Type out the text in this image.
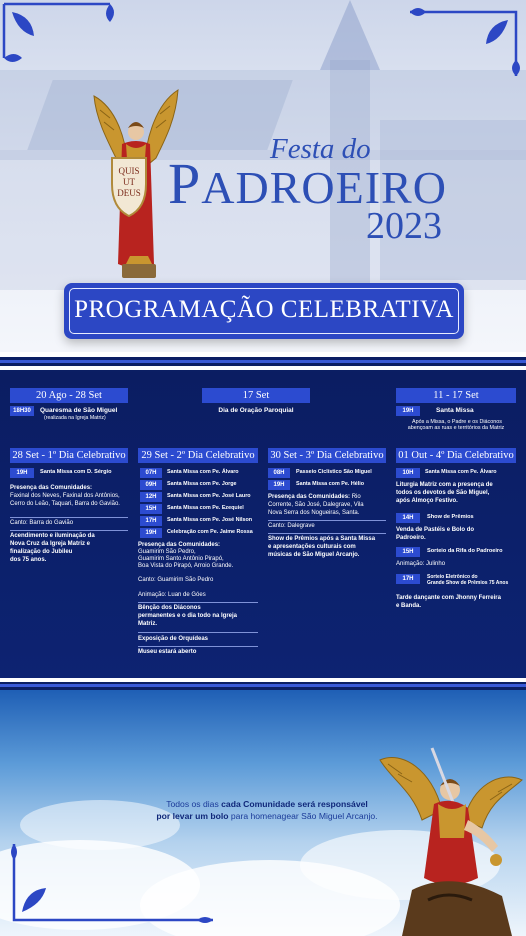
QUIS
UT
DEUS
Festa do
PADROEIRO
2023
PROGRAMAÇÃO CELEBRATIVA
20 Ago - 28 Set
18H30	Quaresma de São Miguel
(realizada na Igreja Matriz)
17 Set
Dia de Oração Paroquial
11 - 17 Set
19H	Santa Missa
Após a Missa, o Padre e os Diáconos
abençoam as ruas e territórios da Matriz
28 Set - 1º Dia Celebrativo
19H	Santa Missa com D. Sérgio
Presença das Comunidades:
Faxinal dos Neves, Faxinal dos Antônios, Cerro do Leão, Taquari, Barra do Gavião.
Canto: Barra do Gavião
Acendimento e iluminação da
Nova Cruz da Igreja Matriz e
finalização do Jubileu
dos 75 anos.
29 Set - 2º Dia Celebrativo
07H	Santa Missa com Pe. Álvaro
09H	Santa Missa com Pe. Jorge
12H	Santa Missa com Pe. José Lauro
15H	Santa Missa com Pe. Ezequiel
17H	Santa Missa com Pe. José Nilson
19H	Celebração com Pe. Jaime Rossa
Presença das Comunidades:
Guamirim São Pedro,
Guamirim Santo Antônio Pirapó,
Boa Vista do Pirapó, Arroio Grande.
Canto: Guamirim São Pedro
Animação: Luan de Góes
Bênção dos Diáconos
permanentes e o dia todo na Igreja
Matriz.
Exposição de Orquídeas
Museu estará aberto
30 Set - 3º Dia Celebrativo
08H	Passeio Ciclístico São Miguel
19H	Santa Missa com Pe. Hélio
Presença das Comunidades: Rio
Corrente, São José, Dalegrave, Vila
Nova Serra dos Nogueiras, Santa.
Canto: Dalegrave
Show de Prêmios após a Santa Missa
e apresentações culturais com
músicas de São Miguel Arcanjo.
01 Out - 4º Dia Celebrativo
10H	Santa Missa com Pe. Álvaro
Liturgia Matriz com a presença de
todos os devotos de São Miguel,
após Almoço Festivo.
14H	Show de Prêmios
Venda de Pastéis e Bolo do
Padroeiro.
15H	Sorteio da Rifa do Padroeiro
Animação: Julinho
17H	Sorteio Eletrônico do
Grande Show de Prêmios 75 Anos
Tarde dançante com Jhonny Ferreira
e Banda.
Todos os dias cada Comunidade será responsável
por levar um bolo para homenagear São Miguel Arcanjo.
